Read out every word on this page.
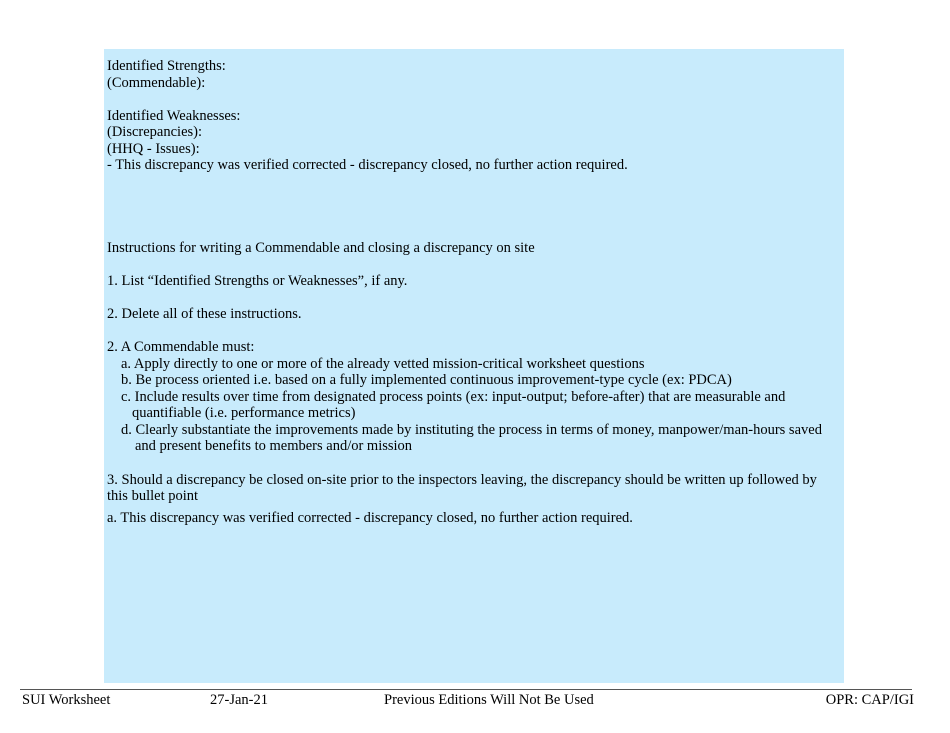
Identified Strengths:
(Commendable):
Identified Weaknesses:
(Discrepancies):
(HHQ - Issues):
- This discrepancy was verified corrected - discrepancy closed, no further action required.
Instructions for writing a Commendable and closing a discrepancy on site
1. List “Identified Strengths or Weaknesses”, if any.
2. Delete all of these instructions.
2. A Commendable must:
a. Apply directly to one or more of the already vetted mission-critical worksheet questions
b. Be process oriented i.e. based on a fully implemented continuous improvement-type cycle (ex: PDCA)
c. Include results over time from designated process points (ex: input-output; before-after) that are measurable and quantifiable (i.e. performance metrics)
d. Clearly substantiate the improvements made by instituting the process in terms of money, manpower/man-hours saved and present benefits to members and/or mission
3. Should a discrepancy be closed on-site prior to the inspectors leaving, the discrepancy should be written up followed by this bullet point
a. This discrepancy was verified corrected - discrepancy closed, no further action required.
SUI Worksheet	27-Jan-21	Previous Editions Will Not Be Used	OPR: CAP/IGI
